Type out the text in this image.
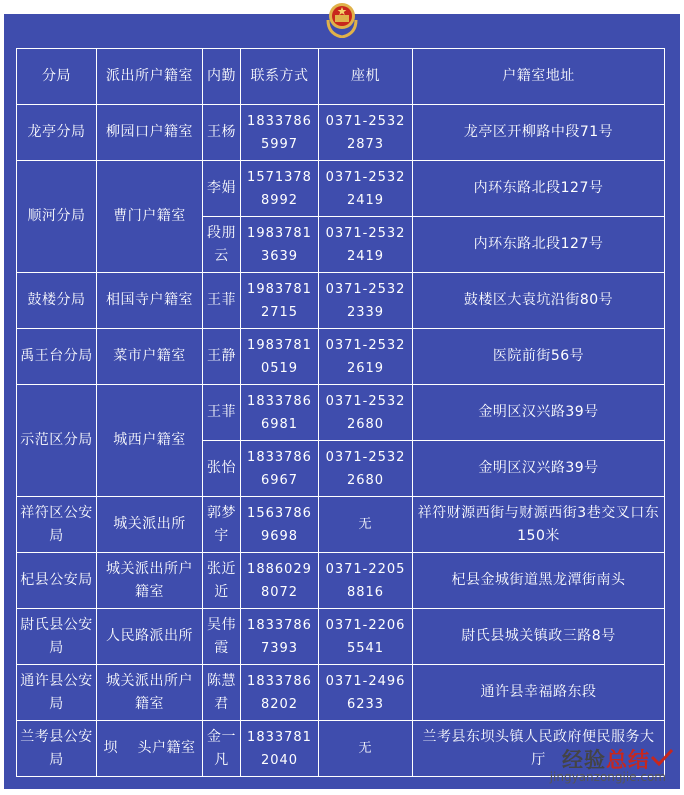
分局	派出所户籍室	内勤	联系方式	座机	户籍室地址
龙亭分局	柳园口户籍室	王杨	18337865997	0371-25322873	龙亭区开柳路中段71号
顺河分局	曹门户籍室	李娟	15713788992	0371-25322419	内环东路北段127号
		段朋云	19837813639	0371-25322419	内环东路北段127号
鼓楼分局	相国寺户籍室	王菲	19837812715	0371-25322339	鼓楼区大袁坑沿街80号
禹王台分局	菜市户籍室	王静	19837810519	0371-25322619	医院前街56号
示范区分局	城西户籍室	王菲	18337866981	0371-25322680	金明区汉兴路39号
		张怡	18337866967	0371-25322680	金明区汉兴路39号
祥符区公安局	城关派出所	郭梦宇	15637869698	无	祥符财源西街与财源西街3巷交叉口东150米
杞县公安局	城关派出所户籍室	张近近	18860298072	0371-22058816	杞县金城街道黑龙潭街南头
尉氏县公安局	人民路派出所	吴伟霞	18337867393	0371-22065541	尉氏县城关镇政三路8号
通许县公安局	城关派出所户籍室	陈慧君	18337868202	0371-24966233	通许县幸福路东段
兰考县公安局	坝　 头户籍室	金一凡	18337812040	无	兰考县东坝头镇人民政府便民服务大厅 经验总结
jingyanzongjie.com
